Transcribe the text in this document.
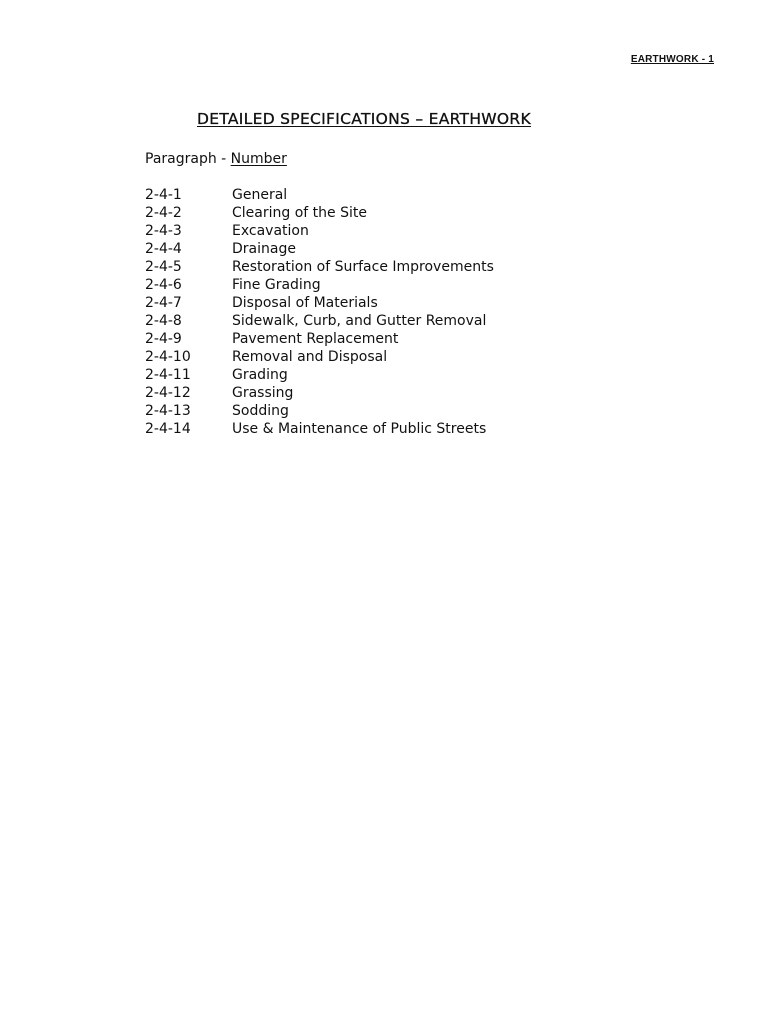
EARTHWORK - 1
DETAILED SPECIFICATIONS – EARTHWORK
Paragraph - Number
2-4-1	General
2-4-2	Clearing of the Site
2-4-3	Excavation
2-4-4	Drainage
2-4-5	Restoration of Surface Improvements
2-4-6	Fine Grading
2-4-7	Disposal of Materials
2-4-8	Sidewalk, Curb, and Gutter Removal
2-4-9	Pavement Replacement
2-4-10	Removal and Disposal
2-4-11	Grading
2-4-12	Grassing
2-4-13	Sodding
2-4-14	Use & Maintenance of Public Streets
